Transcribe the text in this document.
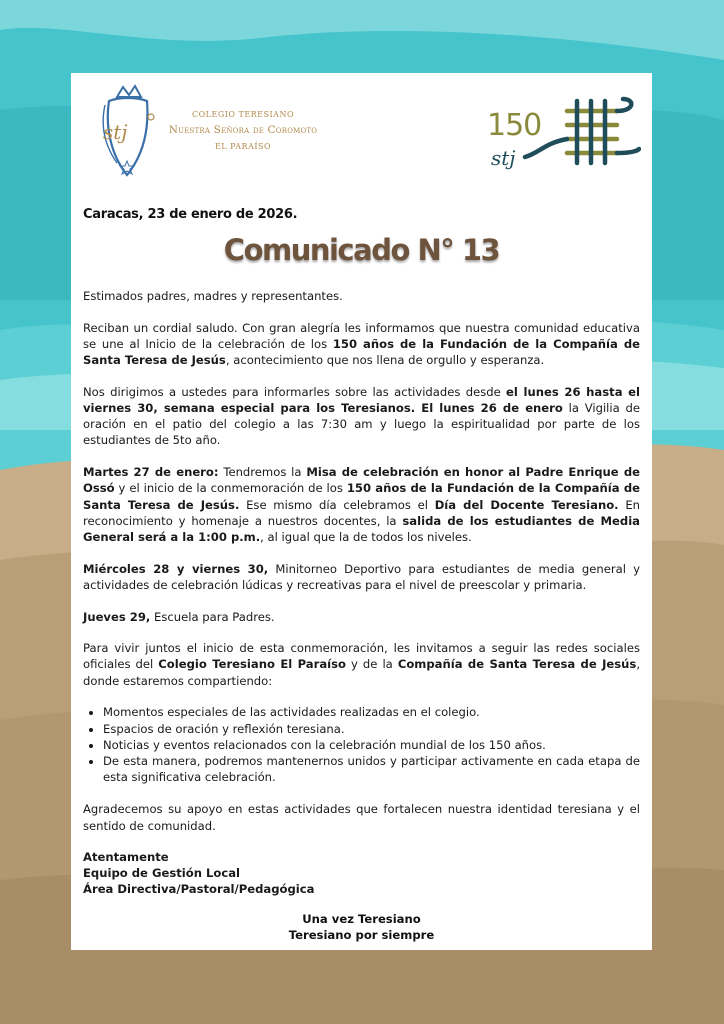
stj
COLEGIO TERESIANO
Nuestra Señora de Coromoto
EL PARAÍSO
150
stj
Caracas, 23 de enero de 2026.
Comunicado N° 13

Estimados padres, madres y representantes.

Reciban un cordial saludo. Con gran alegría les informamos que nuestra comunidad educativa se une al Inicio de la celebración de los 150 años de la Fundación de la Compañía de Santa Teresa de Jesús, acontecimiento que nos llena de orgullo y esperanza.

Nos dirigimos a ustedes para informarles sobre las actividades desde el lunes 26 hasta el viernes 30, semana especial para los Teresianos. El lunes 26 de enero la Vigilia de oración en el patio del colegio a las 7:30 am y luego la espiritualidad por parte de los estudiantes de 5to año.

Martes 27 de enero: Tendremos la Misa de celebración en honor al Padre Enrique de Ossó y el inicio de la conmemoración de los 150 años de la Fundación de la Compañía de Santa Teresa de Jesús. Ese mismo día celebramos el Día del Docente Teresiano. En reconocimiento y homenaje a nuestros docentes, la salida de los estudiantes de Media General será a la 1:00 p.m., al igual que la de todos los niveles.

Miércoles 28 y viernes 30, Minitorneo Deportivo para estudiantes de media general y actividades de celebración lúdicas y recreativas para el nivel de preescolar y primaria.

Jueves 29, Escuela para Padres.

Para vivir juntos el inicio de esta conmemoración, les invitamos a seguir las redes sociales oficiales del Colegio Teresiano El Paraíso y de la Compañía de Santa Teresa de Jesús, donde estaremos compartiendo:

• Momentos especiales de las actividades realizadas en el colegio.
• Espacios de oración y reflexión teresiana.
• Noticias y eventos relacionados con la celebración mundial de los 150 años.
• De esta manera, podremos mantenernos unidos y participar activamente en cada etapa de esta significativa celebración.

Agradecemos su apoyo en estas actividades que fortalecen nuestra identidad teresiana y el sentido de comunidad.

Atentamente
Equipo de Gestión Local
Área Directiva/Pastoral/Pedagógica
Una vez Teresiano
Teresiano por siempre
